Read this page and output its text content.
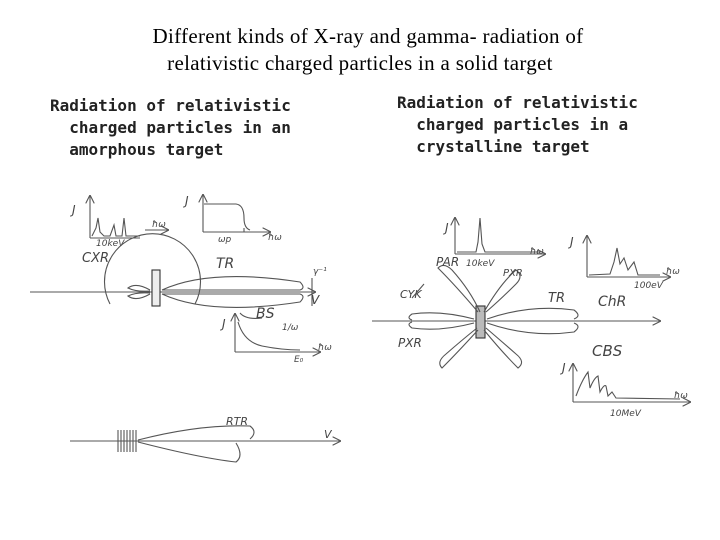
Different kinds of X-ray and gamma- radiation of
relativistic charged particles in a solid target
Radiation of relativistic
charged particles in an
amorphous target
Radiation of relativistic
charged particles in a
crystalline target
J
10keV
ħω
J
ωp	ħω
CXR	TR	γ⁻¹
V
BS
1/ω
J
E₀
ħω
RTR
V
J
10keV
ħω
J
100eV
ħω
PAR
PXR
CYK
PXR
TR ChR
CBS
J
10MeV
ħω
